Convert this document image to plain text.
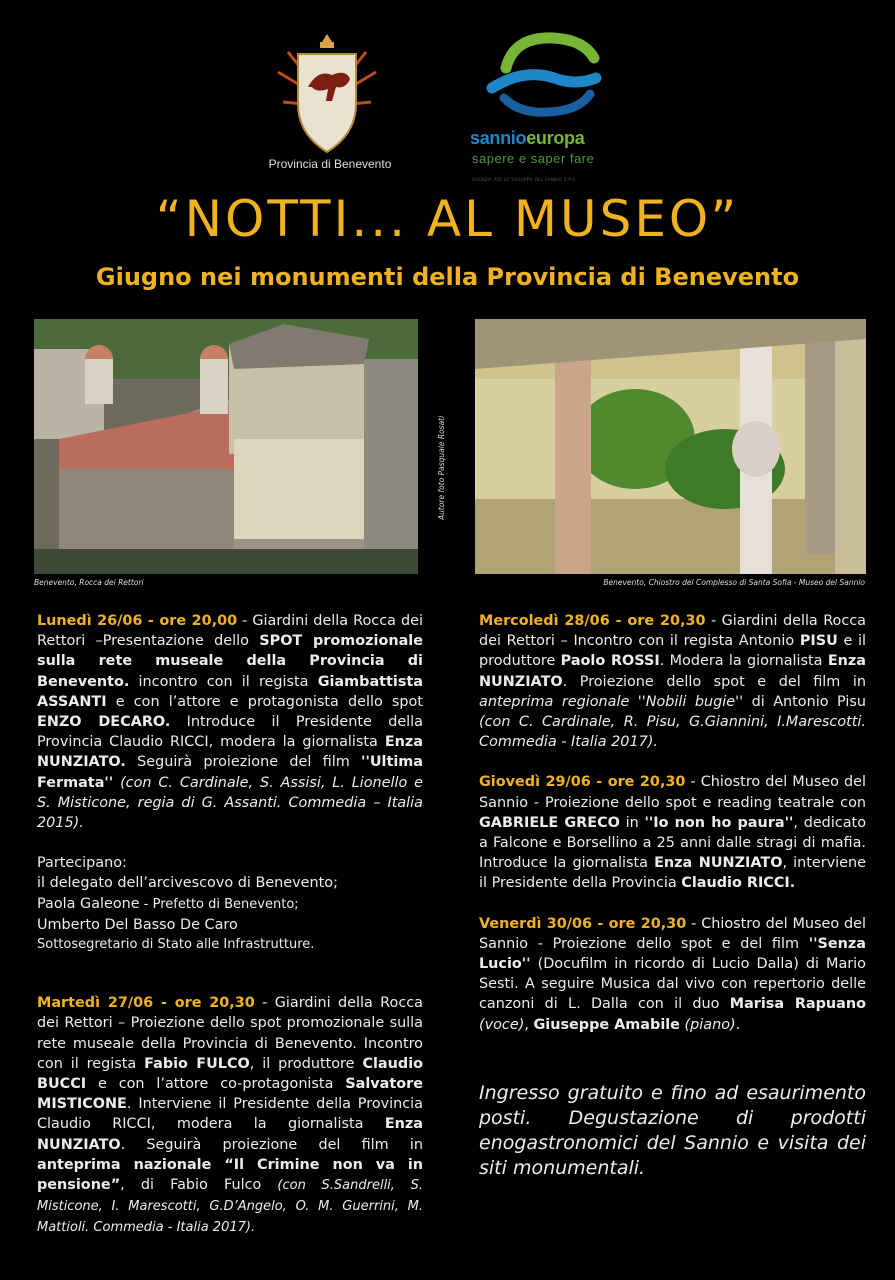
Provincia di Benevento
sannioeuropa
sapere e saper fare
AGENZIA PER LO SVILUPPO DEL SANNIO S.P.A.
“NOTTI... AL MUSEO”
Giugno nei monumenti della Provincia di Benevento
Autore foto Pasquale Rosati
Benevento, Rocca dei Rettori	Benevento, Chiostro del Complesso di Santa Sofia - Museo del Sannio

Lunedì 26/06 - ore 20,00 - Giardini della Rocca dei Rettori –Presentazione dello SPOT promozionale sulla rete museale della Provincia di Benevento. incontro con il regista Giambattista ASSANTI e con l’attore e protagonista dello spot ENZO DECARO. Introduce il Presidente della Provincia Claudio RICCI, modera la giornalista Enza NUNZIATO. Seguirà proiezione del film ''Ultima Fermata'' (con C. Cardinale, S. Assisi, L. Lionello e S. Misticone, regia di G. Assanti. Commedia – Italia 2015).

Partecipano:
il delegato dell’arcivescovo di Benevento;
Paola Galeone - Prefetto di Benevento;
Umberto Del Basso De Caro
Sottosegretario di Stato alle Infrastrutture.

Martedì 27/06 - ore 20,30 - Giardini della Rocca dei Rettori – Proiezione dello spot promozionale sulla rete museale della Provincia di Benevento. Incontro con il regista Fabio FULCO, il produttore Claudio BUCCI e con l’attore co-protagonista Salvatore MISTICONE. Interviene il Presidente della Provincia Claudio RICCI, modera la giornalista Enza NUNZIATO. Seguirà proiezione del film in anteprima nazionale “Il Crimine non va in pensione”, di Fabio Fulco (con S.Sandrelli, S. Misticone, I. Marescotti, G.D’Angelo, O. M. Guerrini, M. Mattioli. Commedia - Italia 2017).

Mercoledì 28/06 - ore 20,30 - Giardini della Rocca dei Rettori – Incontro con il regista Antonio PISU e il produttore Paolo ROSSI. Modera la giornalista Enza NUNZIATO. Proiezione dello spot e del film in anteprima regionale ''Nobili bugie'' di Antonio Pisu (con C. Cardinale, R. Pisu, G.Giannini, I.Marescotti. Commedia - Italia 2017).

Giovedì 29/06 - ore 20,30 - Chiostro del Museo del Sannio - Proiezione dello spot e reading teatrale con GABRIELE GRECO in ''Io non ho paura'', dedicato a Falcone e Borsellino a 25 anni dalle stragi di mafia. Introduce la giornalista Enza NUNZIATO, interviene il Presidente della Provincia Claudio RICCI.

Venerdì 30/06 - ore 20,30 - Chiostro del Museo del Sannio - Proiezione dello spot e del film ''Senza Lucio'' (Docufilm in ricordo di Lucio Dalla) di Mario Sesti. A seguire Musica dal vivo con repertorio delle canzoni di L. Dalla con il duo Marisa Rapuano (voce), Giuseppe Amabile (piano).

Ingresso gratuito e fino ad esaurimento posti. Degustazione di prodotti enogastronomici del Sannio e visita dei siti monumentali.
